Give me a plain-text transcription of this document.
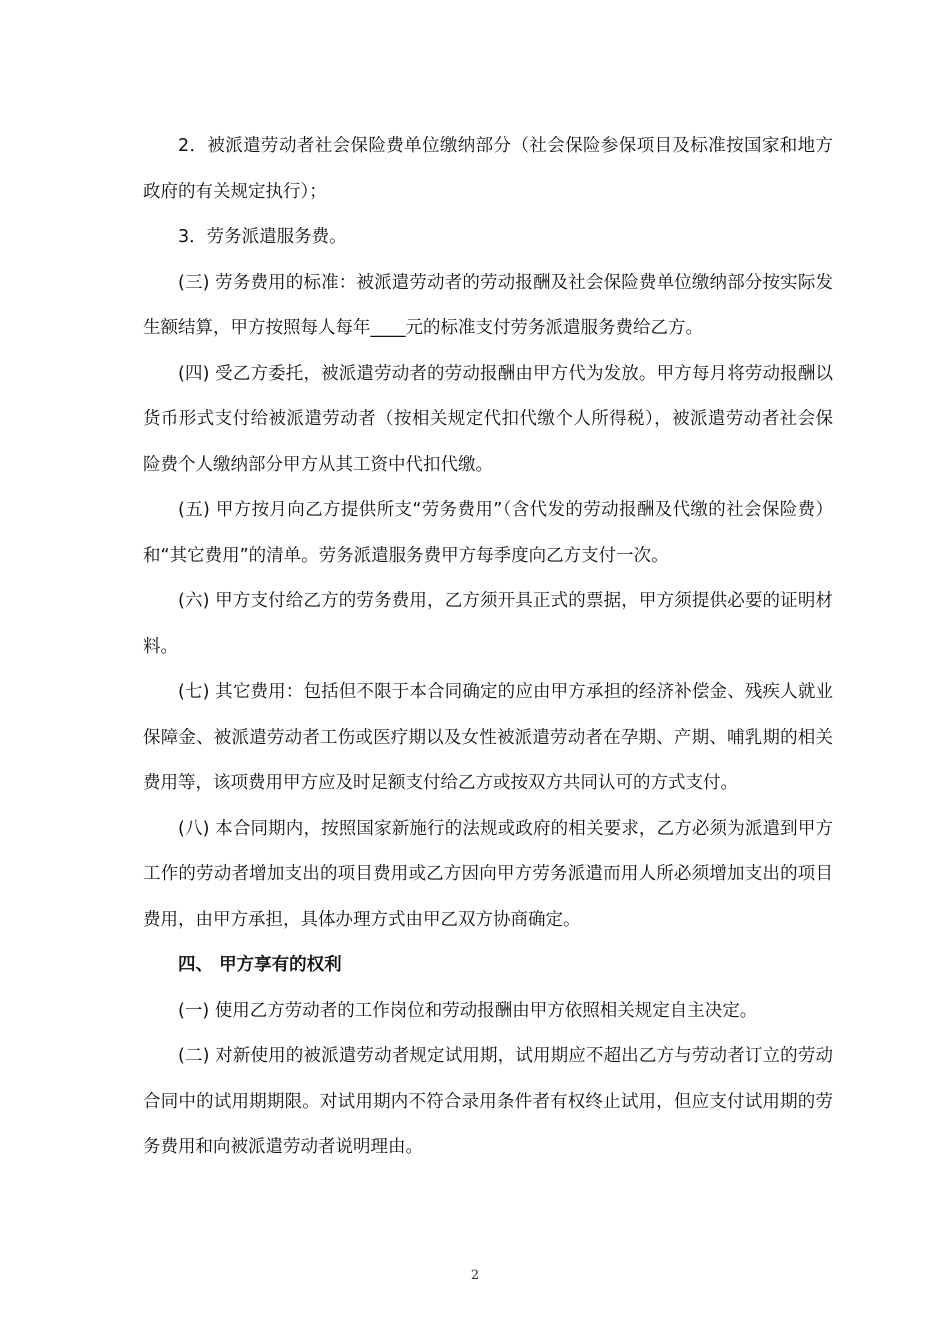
2．被派遣劳动者社会保险费单位缴纳部分（社会保险参保项目及标准按国家和地方政府的有关规定执行）；

3．劳务派遣服务费。

(三) 劳务费用的标准：被派遣劳动者的劳动报酬及社会保险费单位缴纳部分按实际发生额结算，甲方按照每人每年____元的标准支付劳务派遣服务费给乙方。

(四) 受乙方委托，被派遣劳动者的劳动报酬由甲方代为发放。甲方每月将劳动报酬以货币形式支付给被派遣劳动者（按相关规定代扣代缴个人所得税），被派遣劳动者社会保险费个人缴纳部分甲方从其工资中代扣代缴。

(五) 甲方按月向乙方提供所支“劳务费用”（含代发的劳动报酬及代缴的社会保险费）和“其它费用”的清单。劳务派遣服务费甲方每季度向乙方支付一次。

(六) 甲方支付给乙方的劳务费用，乙方须开具正式的票据，甲方须提供必要的证明材料。

(七) 其它费用：包括但不限于本合同确定的应由甲方承担的经济补偿金、残疾人就业保障金、被派遣劳动者工伤或医疗期以及女性被派遣劳动者在孕期、产期、哺乳期的相关费用等，该项费用甲方应及时足额支付给乙方或按双方共同认可的方式支付。

(八) 本合同期内，按照国家新施行的法规或政府的相关要求，乙方必须为派遣到甲方工作的劳动者增加支出的项目费用或乙方因向甲方劳务派遣而用人所必须增加支出的项目费用，由甲方承担，具体办理方式由甲乙双方协商确定。

四、 甲方享有的权利

(一) 使用乙方劳动者的工作岗位和劳动报酬由甲方依照相关规定自主决定。

(二) 对新使用的被派遣劳动者规定试用期，试用期应不超出乙方与劳动者订立的劳动合同中的试用期期限。对试用期内不符合录用条件者有权终止试用，但应支付试用期的劳务费用和向被派遣劳动者说明理由。

2
